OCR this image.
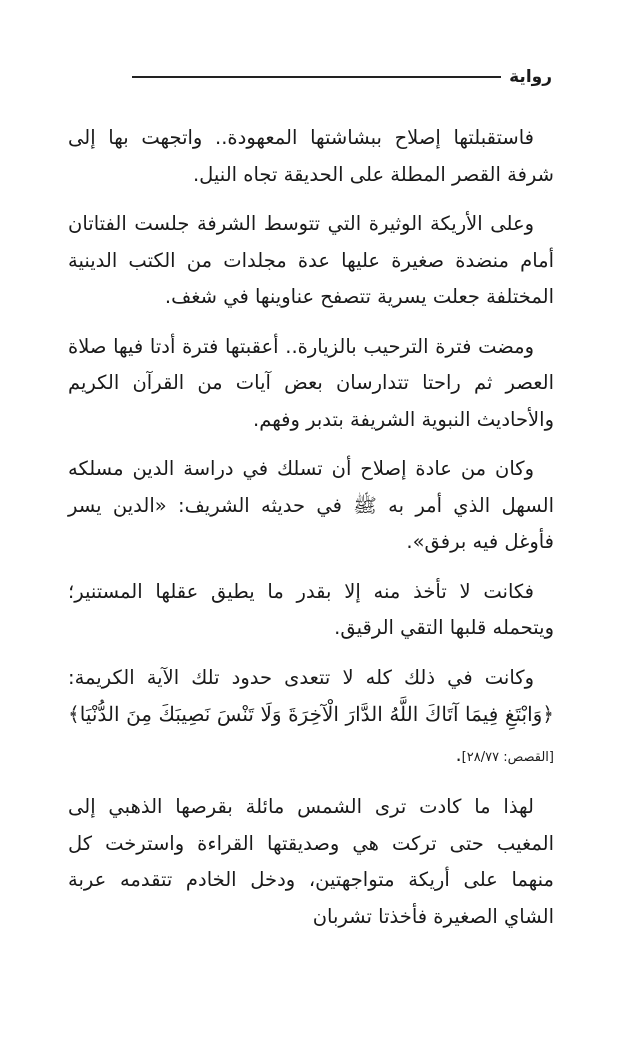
رواية

فاستقبلتها إصلاح ببشاشتها المعهودة.. واتجهت بها إلى شرفة القصر المطلة على الحديقة تجاه النيل.

وعلى الأريكة الوثيرة التي تتوسط الشرفة جلست الفتاتان أمام منضدة صغيرة عليها عدة مجلدات من الكتب الدينية المختلفة جعلت يسرية تتصفح عناوينها في شغف.

ومضت فترة الترحيب بالزيارة.. أعقبتها فترة أدتا فيها صلاة العصر ثم راحتا تتدارسان بعض آيات من القرآن الكريم والأحاديث النبوية الشريفة بتدبر وفهم.

وكان من عادة إصلاح أن تسلك في دراسة الدين مسلكه السهل الذي أمر به ﷺ في حديثه الشريف: «الدين يسر فأوغل فيه برفق».

فكانت لا تأخذ منه إلا بقدر ما يطيق عقلها المستنير؛ ويتحمله قلبها التقي الرقيق.

وكانت في ذلك كله لا تتعدى حدود تلك الآية الكريمة: ﴿وَابْتَغِ فِيمَا آتَاكَ اللَّهُ الدَّارَ الْآخِرَةَ وَلَا تَنْسَ نَصِيبَكَ مِنَ الدُّنْيَا﴾ [القصص: ٢٨/٧٧].

لهذا ما كادت ترى الشمس مائلة بقرصها الذهبي إلى المغيب حتى تركت هي وصديقتها القراءة واسترخت كل منهما على أريكة متواجهتين، ودخل الخادم تتقدمه عربة الشاي الصغيرة فأخذتا تشربان
